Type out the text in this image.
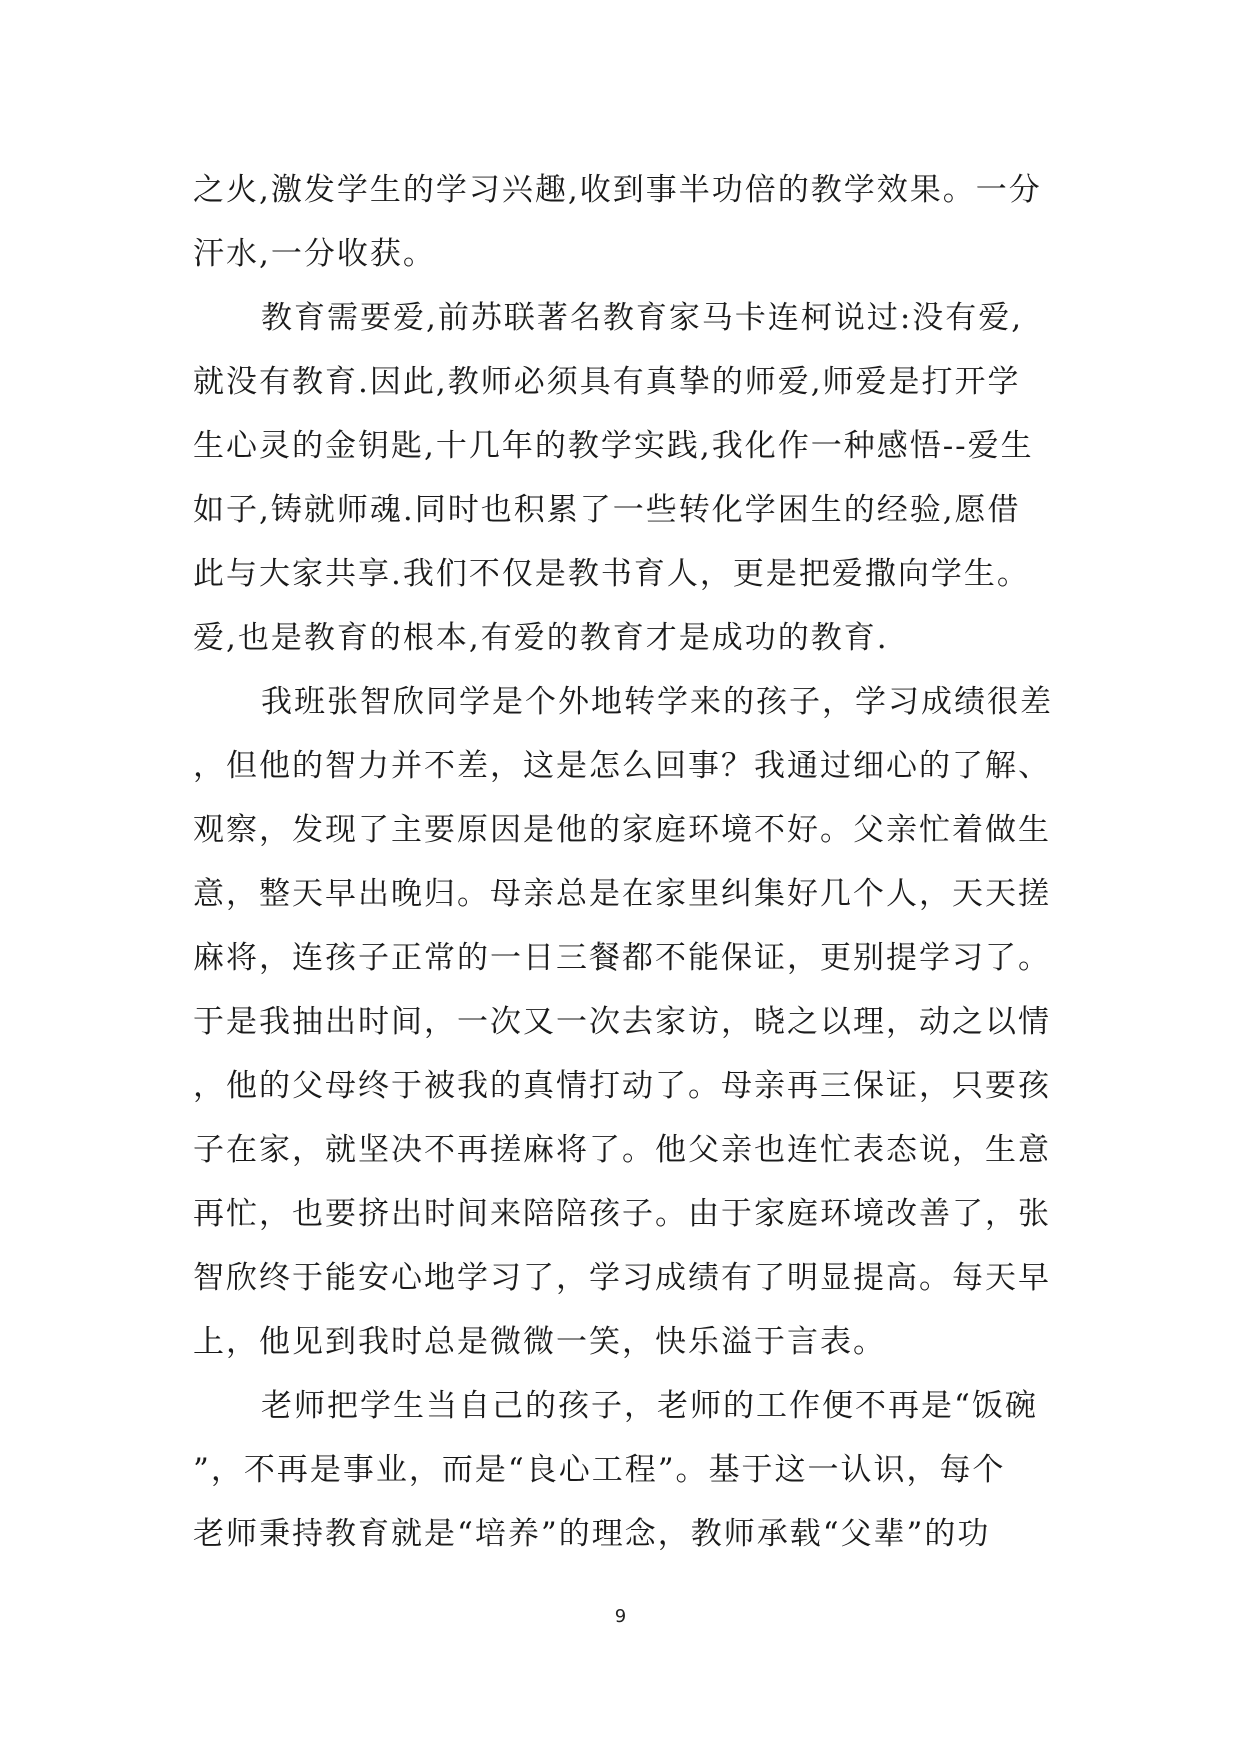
之火,激发学生的学习兴趣,收到事半功倍的教学效果。一分
汗水,一分收获。
教育需要爱,前苏联著名教育家马卡连柯说过:没有爱,
就没有教育.因此,教师必须具有真挚的师爱,师爱是打开学
生心灵的金钥匙,十几年的教学实践,我化作一种感悟--爱生
如子,铸就师魂.同时也积累了一些转化学困生的经验,愿借
此与大家共享.我们不仅是教书育人，更是把爱撒向学生。
爱,也是教育的根本,有爱的教育才是成功的教育.
我班张智欣同学是个外地转学来的孩子，学习成绩很差
，但他的智力并不差，这是怎么回事？我通过细心的了解、
观察，发现了主要原因是他的家庭环境不好。父亲忙着做生
意，整天早出晚归。母亲总是在家里纠集好几个人，天天搓
麻将，连孩子正常的一日三餐都不能保证，更别提学习了。
于是我抽出时间，一次又一次去家访，晓之以理，动之以情
，他的父母终于被我的真情打动了。母亲再三保证，只要孩
子在家，就坚决不再搓麻将了。他父亲也连忙表态说，生意
再忙，也要挤出时间来陪陪孩子。由于家庭环境改善了，张
智欣终于能安心地学习了，学习成绩有了明显提高。每天早
上，他见到我时总是微微一笑，快乐溢于言表。
老师把学生当自己的孩子，老师的工作便不再是“饭碗
”，不再是事业，而是“良心工程”。基于这一认识，每个
老师秉持教育就是“培养”的理念，教师承载“父辈”的功
9
